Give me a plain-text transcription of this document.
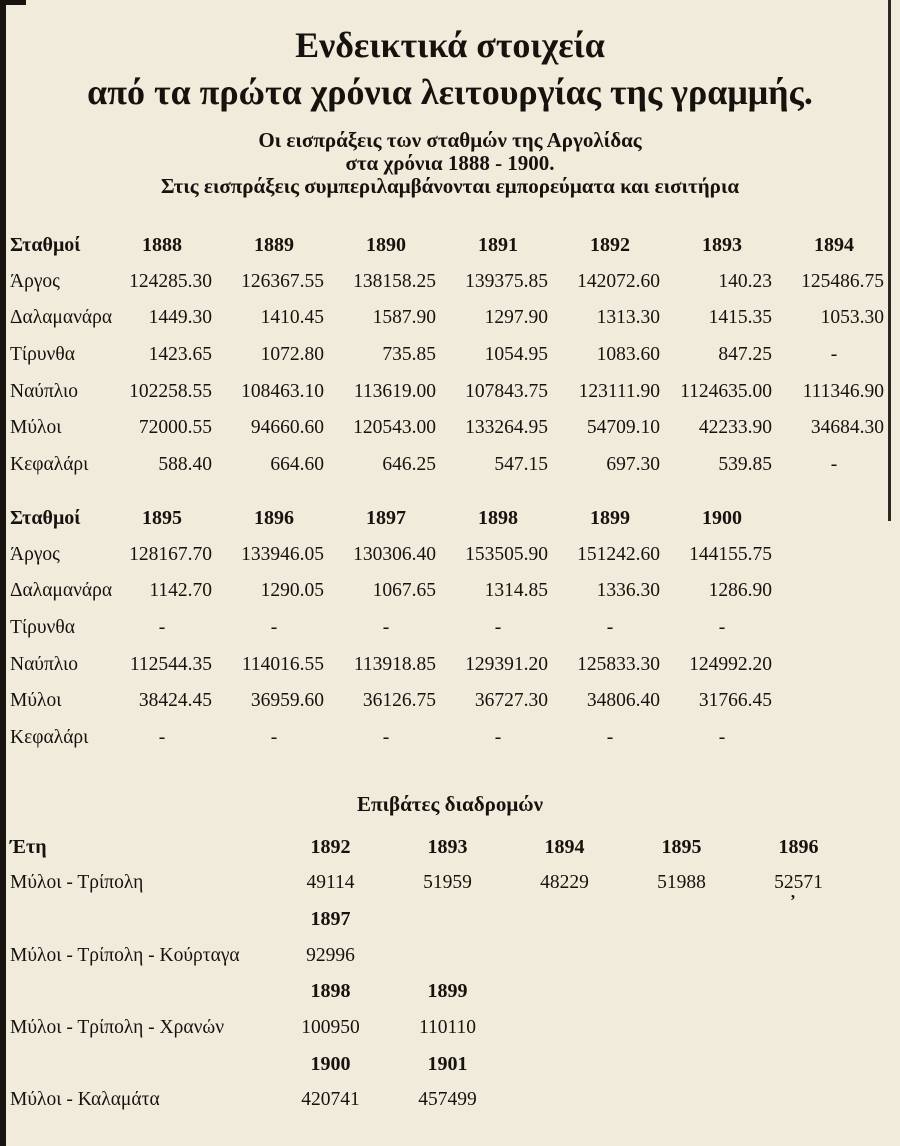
Ενδεικτικά στοιχεία
από τα πρώτα χρόνια λειτουργίας της γραμμής.
Οι εισπράξεις των σταθμών της Αργολίδας
στα χρόνια 1888 - 1900.
Στις εισπράξεις συμπεριλαμβάνονται εμπορεύματα και εισιτήρια
Σταθμοί	1888	1889	1890	1891	1892	1893	1894
Άργος	124285.30	126367.55	138158.25	139375.85	142072.60	140.23	125486.75
Δαλαμανάρα	1449.30	1410.45	1587.90	1297.90	1313.30	1415.35	1053.30
Τίρυνθα	1423.65	1072.80	735.85	1054.95	1083.60	847.25	-
Ναύπλιο	102258.55	108463.10	113619.00	107843.75	123111.90	1124635.00	111346.90
Μύλοι	72000.55	94660.60	120543.00	133264.95	54709.10	42233.90	34684.30
Κεφαλάρι	588.40	664.60	646.25	547.15	697.30	539.85	-
Σταθμοί	1895	1896	1897	1898	1899	1900
Άργος	128167.70	133946.05	130306.40	153505.90	151242.60	144155.75
Δαλαμανάρα	1142.70	1290.05	1067.65	1314.85	1336.30	1286.90
Τίρυνθα	-	-	-	-	-	-
Ναύπλιο	112544.35	114016.55	113918.85	129391.20	125833.30	124992.20
Μύλοι	38424.45	36959.60	36126.75	36727.30	34806.40	31766.45
Κεφαλάρι	-	-	-	-	-	-
Επιβάτες διαδρομών
Έτη	1892	1893	1894	1895	1896
Μύλοι - Τρίπολη	49114	51959	48229	51988	52571
1897
Μύλοι - Τρίπολη - Κούρταγα	92996
1898	1899
Μύλοι - Τρίπολη - Χρανών	100950	110110
1900	1901
Μύλοι - Καλαμάτα	420741	457499
’
